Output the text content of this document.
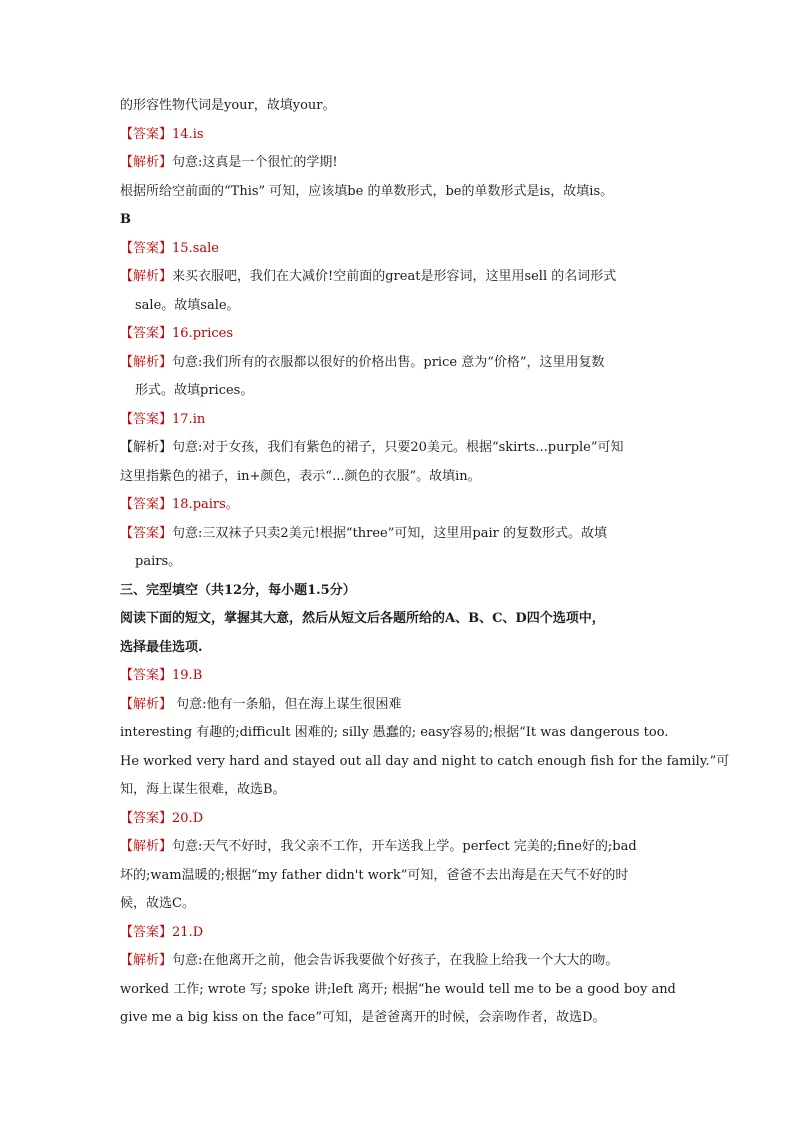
的形容性物代词是your，故填your。
【答案】14.is
【解析】句意:这真是一个很忙的学期!
根据所给空前面的“This” 可知，应该填be 的单数形式，be的单数形式是is，故填is。
B
【答案】15.sale
【解析】来买衣服吧，我们在大减价!空前面的great是形容词，这里用sell 的名词形式
sale。故填sale。
【答案】16.prices
【解析】句意:我们所有的衣服都以很好的价格出售。price 意为“价格”，这里用复数
形式。故填prices。
【答案】17.in
【解析】句意:对于女孩，我们有紫色的裙子，只要20美元。根据“skirts...purple”可知
这里指紫色的裙子，in+颜色，表示“...颜色的衣服”。故填in。
【答案】18.pairs。
【答案】句意:三双袜子只卖2美元!根据“three”可知，这里用pair 的复数形式。故填
pairs。
三、完型填空（共12分，每小题1.5分）
阅读下面的短文，掌握其大意，然后从短文后各题所给的A、B、C、D四个选项中，
选择最佳选项.
【答案】19.B
【解析】 句意:他有一条船，但在海上谋生很困难
interesting 有趣的;difficult 困难的; silly 愚蠢的; easy容易的;根据“It was dangerous too.
He worked very hard and stayed out all day and night to catch enough fish for the family.”可
知，海上谋生很难，故选B。
【答案】20.D
【解析】句意:天气不好时，我父亲不工作，开车送我上学。perfect 完美的;fine好的;bad
坏的;wam温暖的;根据“my father didn't work”可知，爸爸不去出海是在天气不好的时
候，故选C。
【答案】21.D
【解析】句意:在他离开之前，他会告诉我要做个好孩子，在我脸上给我一个大大的吻。
worked 工作; wrote 写; spoke 讲;left 离开; 根据“he would tell me to be a good boy and
give me a big kiss on the face”可知，是爸爸离开的时候，会亲吻作者，故选D。
